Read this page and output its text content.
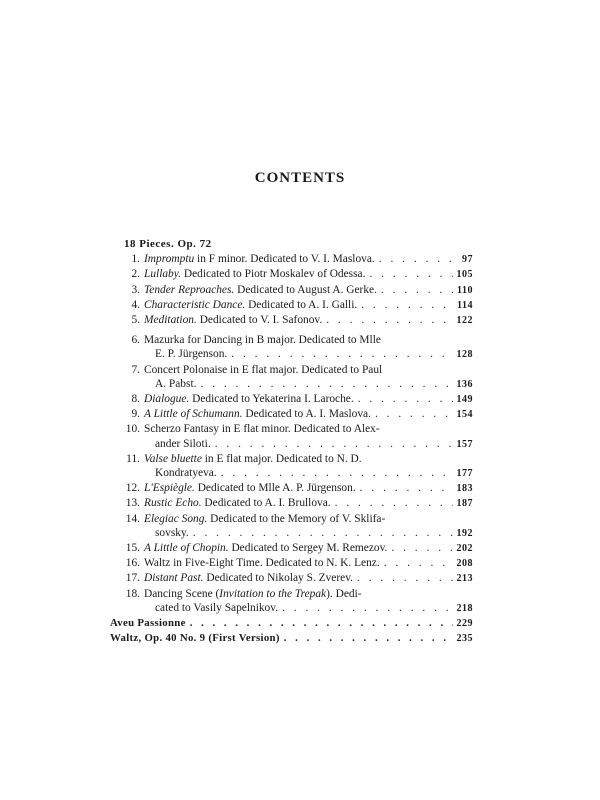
CONTENTS
18 Pieces. Op. 72
1. Impromptu in F minor. Dedicated to V. I. Maslova. . . .	97
2. Lullaby. Dedicated to Piotr Moskalev of Odessa. . . .	105
3. Tender Reproaches. Dedicated to August A. Gerke. . . .	110
4. Characteristic Dance. Dedicated to A. I. Galli. . . .	114
5. Meditation. Dedicated to V. I. Safonov. . . .	122
6. Mazurka for Dancing in B major. Dedicated to Mlle
E. P. Jürgenson. . . .	128
7. Concert Polonaise in E flat major. Dedicated to Paul
A. Pabst. . . .	136
8. Dialogue. Dedicated to Yekaterina I. Laroche. . . .	149
9. A Little of Schumann. Dedicated to A. I. Maslova. . . .	154
10. Scherzo Fantasy in E flat minor. Dedicated to Alex-
ander Siloti. . . .	157
11. Valse bluette in E flat major. Dedicated to N. D.
Kondratyeva. . . .	177
12. L'Espiègle. Dedicated to Mlle A. P. Jürgenson. . . .	183
13. Rustic Echo. Dedicated to A. I. Brullova. . . .	187
14. Elegiac Song. Dedicated to the Memory of V. Sklifa-
sovsky. . . .	192
15. A Little of Chopin. Dedicated to Sergey M. Remezov. . . .	202
16. Waltz in Five-Eight Time. Dedicated to N. K. Lenz. . . .	208
17. Distant Past. Dedicated to Nikolay S. Zverev. . . .	213
18. Dancing Scene (Invitation to the Trepak). Dedi-
cated to Vasily Sapelnikov. . . .	218
Aveu Passionne . . .	229
Waltz, Op. 40 No. 9 (First Version) . . .	235
